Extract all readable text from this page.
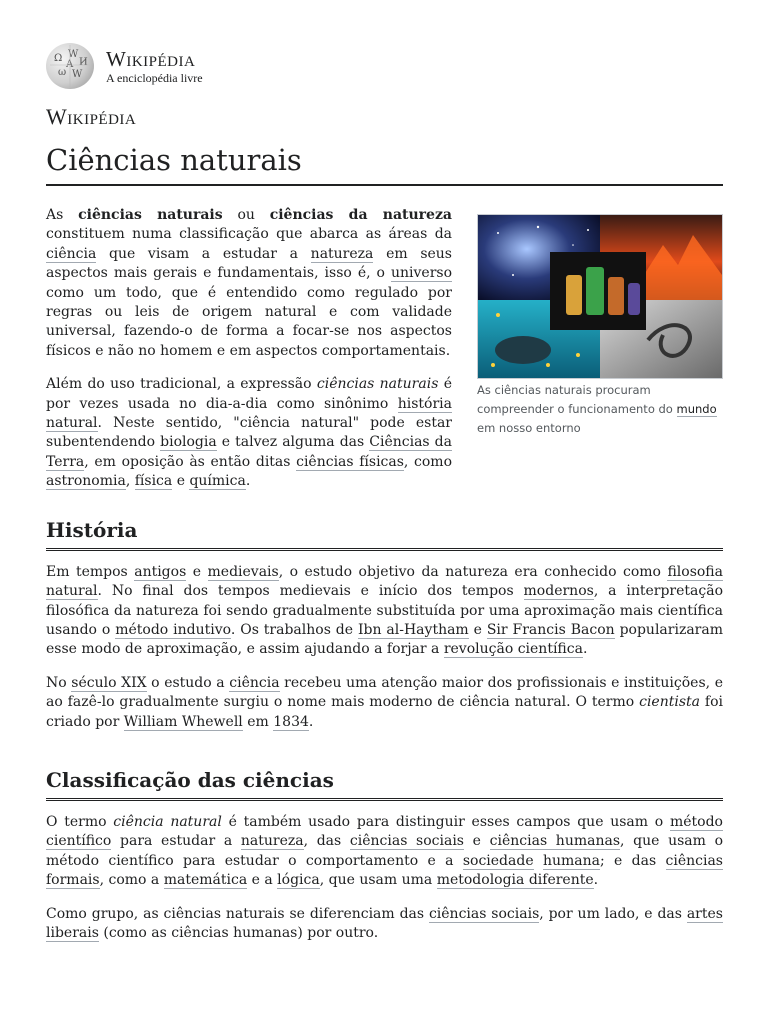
Ω W
И
ω W
A Wikipédia
A enciclopédia livre
Wikipédia
Ciências naturais

As ciências naturais ou ciências da natureza constituem numa classificação que abarca as áreas da ciência que visam a estudar a natureza em seus aspectos mais gerais e fundamentais, isso é, o universo como um todo, que é entendido como regulado por regras ou leis de origem natural e com validade universal, fazendo-o de forma a focar-se nos aspectos físicos e não no homem e em aspectos comportamentais.

Além do uso tradicional, a expressão ciências naturais é por vezes usada no dia-a-dia como sinônimo história natural. Neste sentido, "ciência natural" pode estar subentendendo biologia e talvez alguma das Ciências da Terra, em oposição às então ditas ciências físicas, como astronomia, física e química.

As ciências naturais procuram compreender o funcionamento do mundo em nosso entorno
História

Em tempos antigos e medievais, o estudo objetivo da natureza era conhecido como filosofia natural. No final dos tempos medievais e início dos tempos modernos, a interpretação filosófica da natureza foi sendo gradualmente substituída por uma aproximação mais científica usando o método indutivo. Os trabalhos de Ibn al-Haytham e Sir Francis Bacon popularizaram esse modo de aproximação, e assim ajudando a forjar a revolução científica.

No século XIX o estudo a ciência recebeu uma atenção maior dos profissionais e instituições, e ao fazê-lo gradualmente surgiu o nome mais moderno de ciência natural. O termo cientista foi criado por William Whewell em 1834.

Classificação das ciências

O termo ciência natural é também usado para distinguir esses campos que usam o método científico para estudar a natureza, das ciências sociais e ciências humanas, que usam o método científico para estudar o comportamento e a sociedade humana; e das ciências formais, como a matemática e a lógica, que usam uma metodologia diferente.

Como grupo, as ciências naturais se diferenciam das ciências sociais, por um lado, e das artes liberais (como as ciências humanas) por outro.
